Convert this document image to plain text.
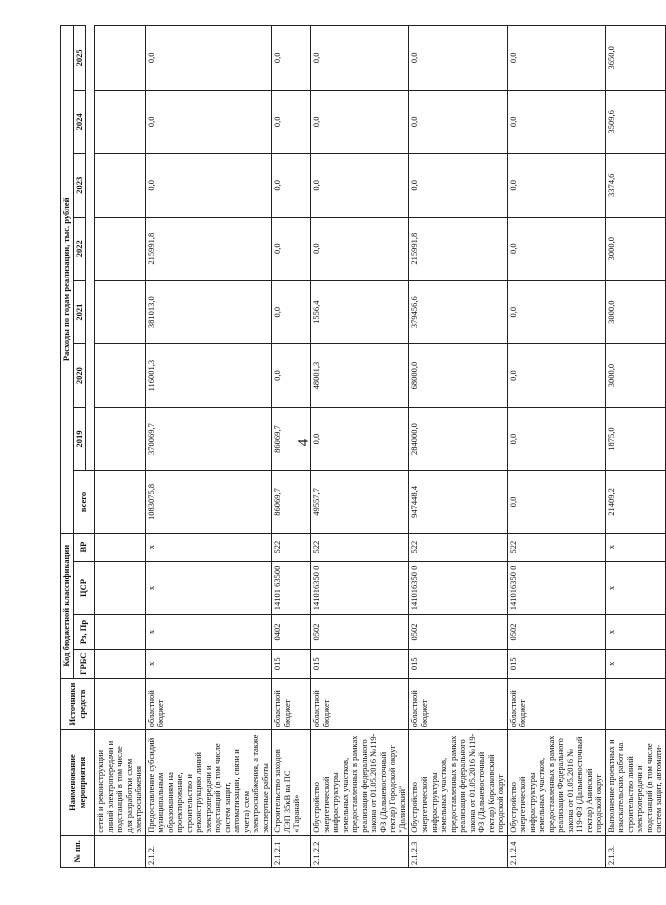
4
№ пп.	Наименование мероприятия	Источники средств	Код бюджетной классификации				Расходы по годам реализации, тыс. рублей							
			ГРБС	Рз, Пр	ЦСР	ВР	всего	2019	2020	2021	2022	2023	2024	2025

	сетей и реконструкции линий электропередачи и подстанций в том числе для разработки схем электроснабжения													
2.1.2.	Предоставление субсидий муниципальным образованиям на проектирование, строительство и реконструкцию линий электропередачи и подстанций (в том числе систем защит, автоматизации, связи и учета) схем электроснабжения, а также экспертные работы	областной бюджет	x	x	x	x	1083075,8	370069,7	116001,3	381013,0	215991,8	0,0	0,0	0,0
2.1.2.1	Строительство заходов ЛЭП 35кВ на ПС «Таранай»	областной бюджет	015	0402	14101 63500	522	86069,7	86069,7	0,0	0,0	0,0	0,0	0,0	0,0
2.1.2.2	Обустройство энергетической инфраструктуры земельных участков, предоставленных в рамках реализации федерального закона от 01.05.2016 №119-ФЗ (Дальневосточный гектар) Городской округ "Долинский"	областной бюджет	015	0502	141016350 0	522	49557,7	0,0	48001,3	1556,4	0,0	0,0	0,0	0,0
2.1.2.3	Обустройство энергетической инфраструктуры земельных участков, предоставленных в рамках реализации федерального закона от 01.05.2016 №119-ФЗ (Дальневосточный гектар) Корсаковский городской округ	областной бюджет	015	0502	141016350 0	522	947448,4	284000,0	68000,0	379456,6	215991,8	0,0	0,0	0,0
2.1.2.4	Обустройство энергетической инфраструктуры земельных участков, предоставленных в рамках реализации Федерального закона от 01.05.2016 № 119-ФЗ (Дальневосточный гектар) Анивский городской округ	областной бюджет	015	0502	141016350 0	522	0,0	0,0	0,0	0,0	0,0	0,0	0,0	0,0
2.1.3.	Выполнение проектных и изыскательских работ на строительство линий электропередачи и подстанций (в том числе систем защит, автомати-		x	x	x	x	21409,2	1875,0	3000,0	3000,0	3000,0	3374,6	3509,6	3650,0
